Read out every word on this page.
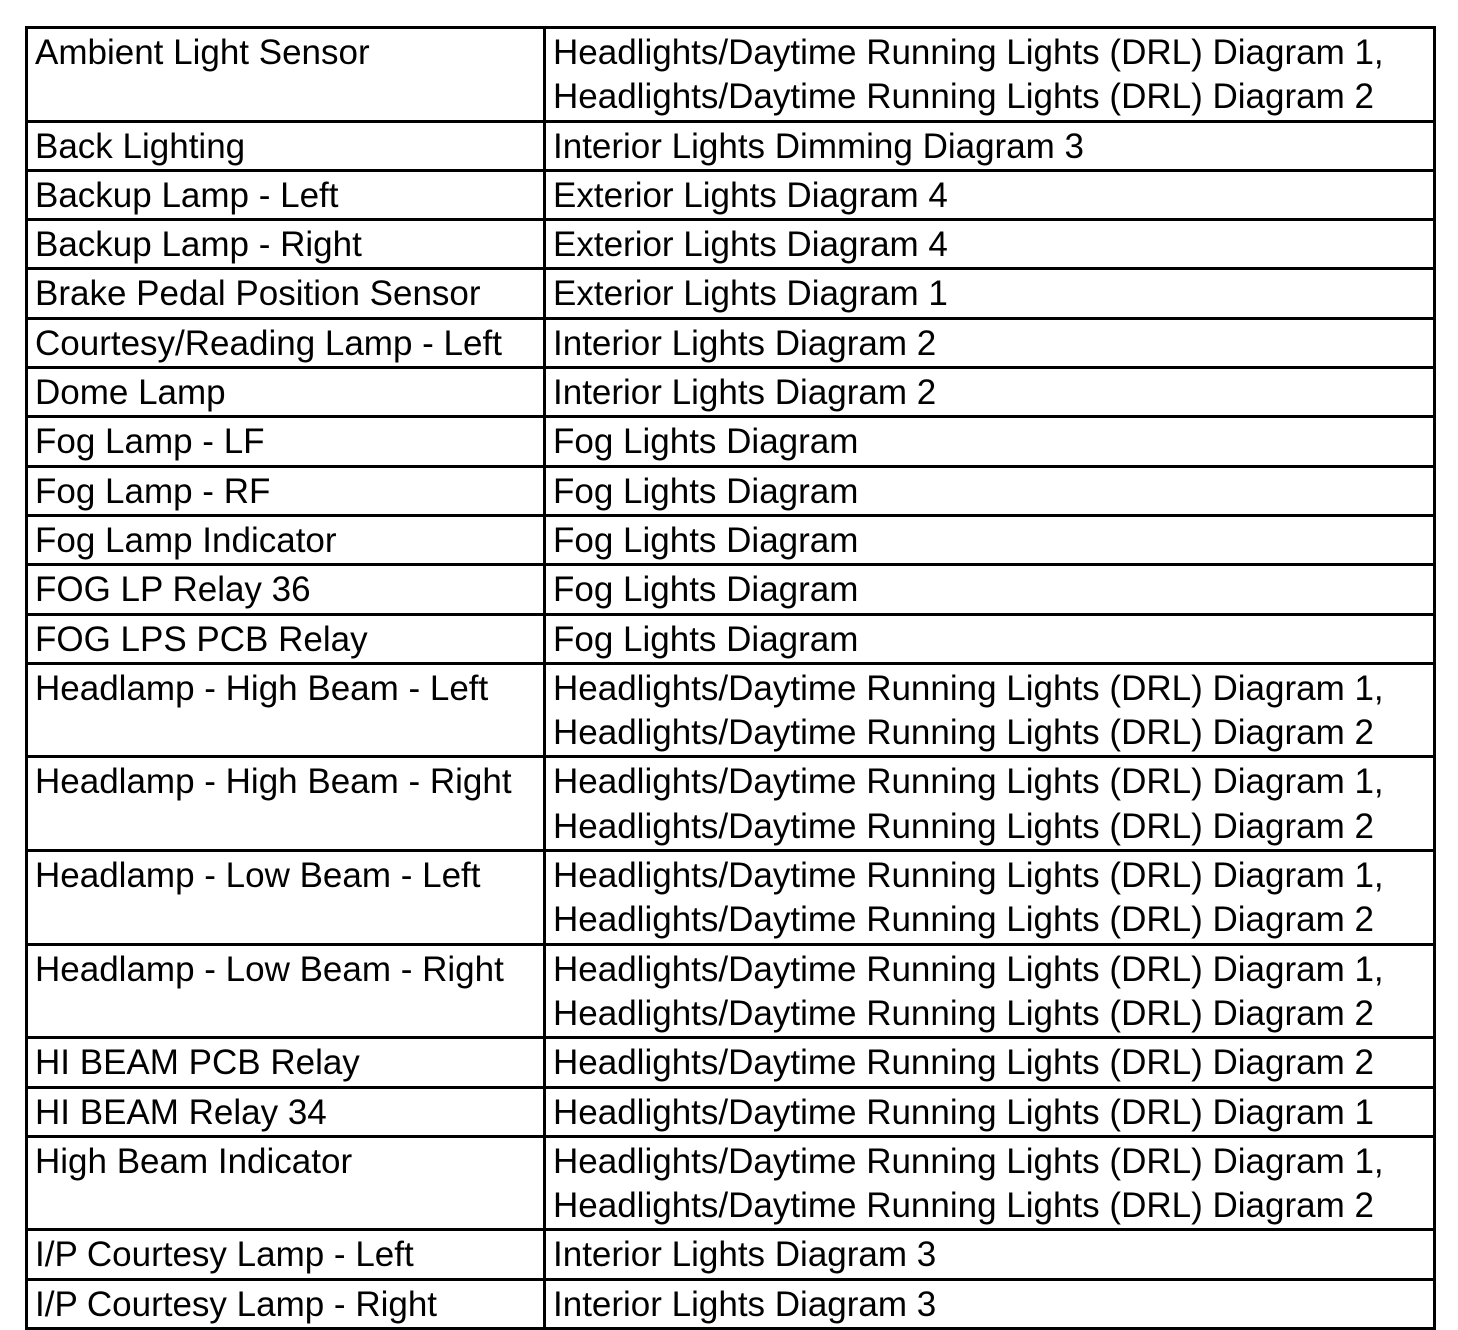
Ambient Light Sensor	Headlights/Daytime Running Lights (DRL) Diagram 1,
Headlights/Daytime Running Lights (DRL) Diagram 2
Back Lighting	Interior Lights Dimming Diagram 3
Backup Lamp - Left	Exterior Lights Diagram 4
Backup Lamp - Right	Exterior Lights Diagram 4
Brake Pedal Position Sensor	Exterior Lights Diagram 1
Courtesy/Reading Lamp - Left	Interior Lights Diagram 2
Dome Lamp	Interior Lights Diagram 2
Fog Lamp - LF	Fog Lights Diagram
Fog Lamp - RF	Fog Lights Diagram
Fog Lamp Indicator	Fog Lights Diagram
FOG LP Relay 36	Fog Lights Diagram
FOG LPS PCB Relay	Fog Lights Diagram
Headlamp - High Beam - Left	Headlights/Daytime Running Lights (DRL) Diagram 1,
Headlights/Daytime Running Lights (DRL) Diagram 2
Headlamp - High Beam - Right	Headlights/Daytime Running Lights (DRL) Diagram 1,
Headlights/Daytime Running Lights (DRL) Diagram 2
Headlamp - Low Beam - Left	Headlights/Daytime Running Lights (DRL) Diagram 1,
Headlights/Daytime Running Lights (DRL) Diagram 2
Headlamp - Low Beam - Right	Headlights/Daytime Running Lights (DRL) Diagram 1,
Headlights/Daytime Running Lights (DRL) Diagram 2
HI BEAM PCB Relay	Headlights/Daytime Running Lights (DRL) Diagram 2
HI BEAM Relay 34	Headlights/Daytime Running Lights (DRL) Diagram 1
High Beam Indicator	Headlights/Daytime Running Lights (DRL) Diagram 1,
Headlights/Daytime Running Lights (DRL) Diagram 2
I/P Courtesy Lamp - Left	Interior Lights Diagram 3
I/P Courtesy Lamp - Right	Interior Lights Diagram 3
